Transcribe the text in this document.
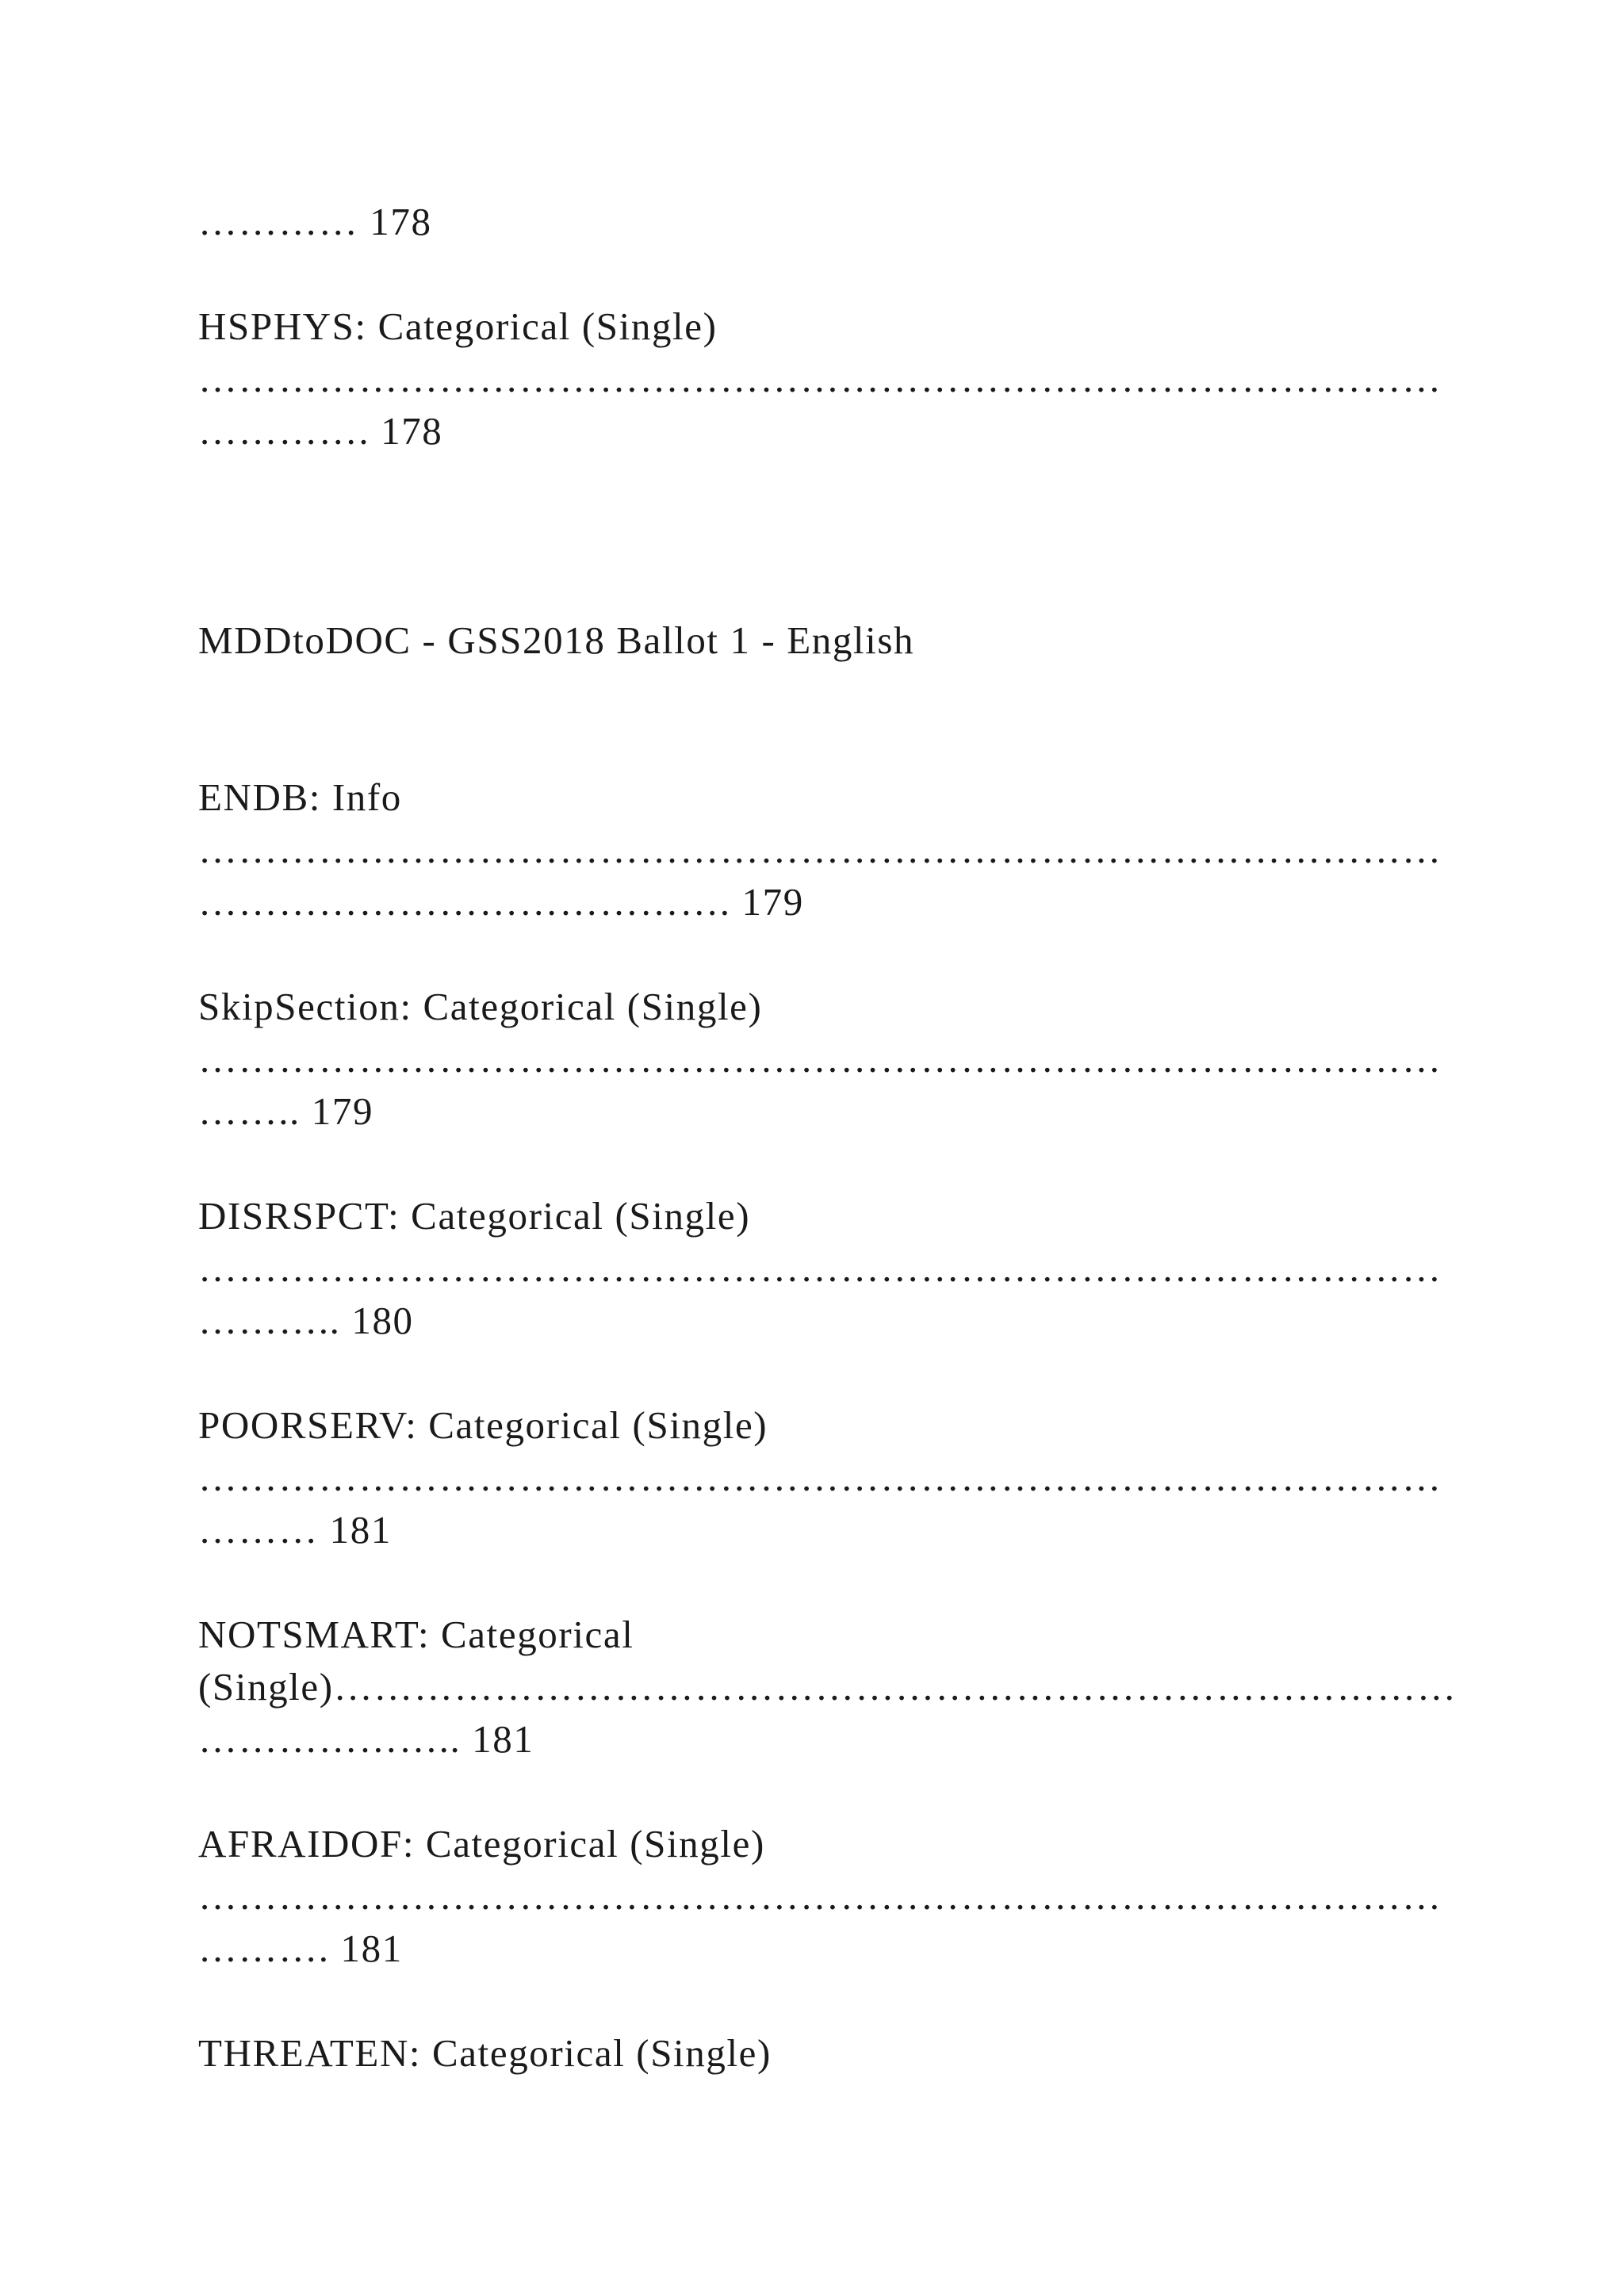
………… 178

HSPHYS: Categorical (Single)

…………………………………………………………………………………

…………. 178

MDDtoDOC - GSS2018 Ballot 1 - English

ENDB: Info

…………………………………………………………………………………

…………………………………. 179

SkipSection: Categorical (Single)

…………………………………………………………………………………

…….. 179

DISRSPCT: Categorical (Single)

…………………………………………………………………………………

……….. 180

POORSERV: Categorical (Single)

…………………………………………………………………………………

……… 181

NOTSMART: Categorical

(Single)…………………………………………………………………………

……………….. 181

AFRAIDOF: Categorical (Single)

…………………………………………………………………………………

………. 181

THREATEN: Categorical (Single)
